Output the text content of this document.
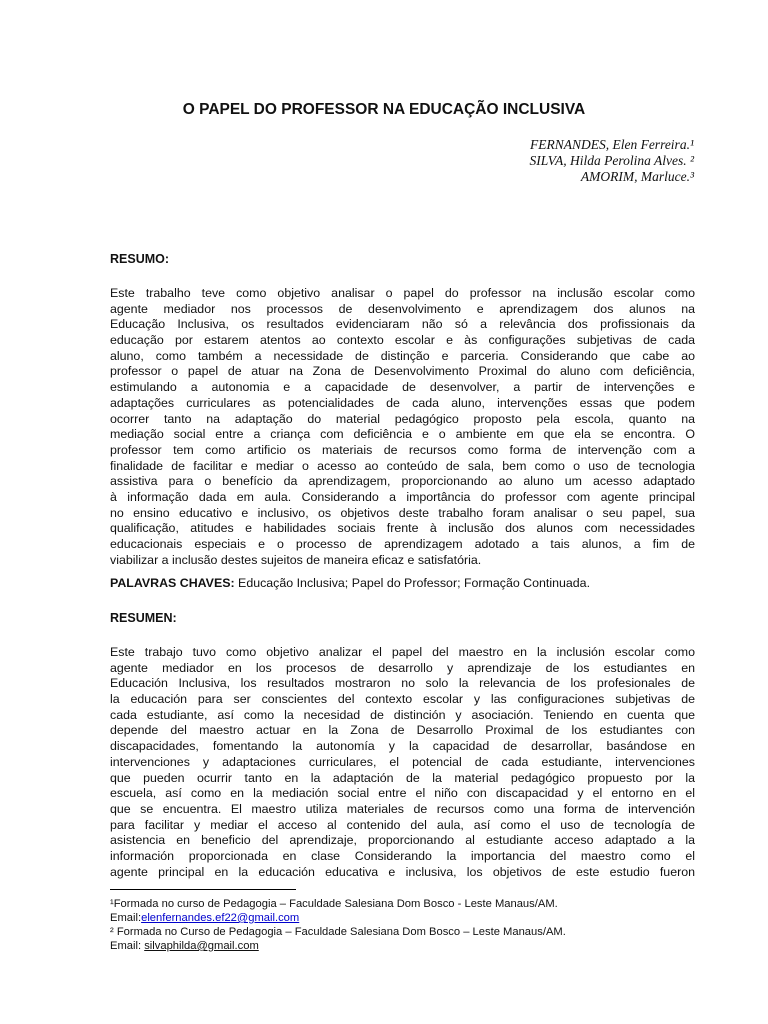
O PAPEL DO PROFESSOR NA EDUCAÇÃO INCLUSIVA
FERNANDES, Elen Ferreira.¹
SILVA, Hilda Perolina Alves. ²
AMORIM, Marluce.³
RESUMO:
Este trabalho teve como objetivo analisar o papel do professor na inclusão escolar como
agente mediador nos processos de desenvolvimento e aprendizagem dos alunos na
Educação Inclusiva, os resultados evidenciaram não só a relevância dos profissionais da
educação por estarem atentos ao contexto escolar e às configurações subjetivas de cada
aluno, como também a necessidade de distinção e parceria. Considerando que cabe ao
professor o papel de atuar na Zona de Desenvolvimento Proximal do aluno com deficiência,
estimulando a autonomia e a capacidade de desenvolver, a partir de intervenções e
adaptações curriculares as potencialidades de cada aluno, intervenções essas que podem
ocorrer tanto na adaptação do material pedagógico proposto pela escola, quanto na
mediação social entre a criança com deficiência e o ambiente em que ela se encontra. O
professor tem como artificio os materiais de recursos como forma de intervenção com a
finalidade de facilitar e mediar o acesso ao conteúdo de sala, bem como o uso de tecnologia
assistiva para o benefício da aprendizagem, proporcionando ao aluno um acesso adaptado
à informação dada em aula. Considerando a importância do professor com agente principal
no ensino educativo e inclusivo, os objetivos deste trabalho foram analisar o seu papel, sua
qualificação, atitudes e habilidades sociais frente à inclusão dos alunos com necessidades
educacionais especiais e o processo de aprendizagem adotado a tais alunos, a fim de
viabilizar a inclusão destes sujeitos de maneira eficaz e satisfatória.
PALAVRAS CHAVES: Educação Inclusiva; Papel do Professor; Formação Continuada.
RESUMEN:
Este trabajo tuvo como objetivo analizar el papel del maestro en la inclusión escolar como
agente mediador en los procesos de desarrollo y aprendizaje de los estudiantes en
Educación Inclusiva, los resultados mostraron no solo la relevancia de los profesionales de
la educación para ser conscientes del contexto escolar y las configuraciones subjetivas de
cada estudiante, así como la necesidad de distinción y asociación. Teniendo en cuenta que
depende del maestro actuar en la Zona de Desarrollo Proximal de los estudiantes con
discapacidades, fomentando la autonomía y la capacidad de desarrollar, basándose en
intervenciones y adaptaciones curriculares, el potencial de cada estudiante, intervenciones
que pueden ocurrir tanto en la adaptación de la material pedagógico propuesto por la
escuela, así como en la mediación social entre el niño con discapacidad y el entorno en el
que se encuentra. El maestro utiliza materiales de recursos como una forma de intervención
para facilitar y mediar el acceso al contenido del aula, así como el uso de tecnología de
asistencia en beneficio del aprendizaje, proporcionando al estudiante acceso adaptado a la
información proporcionada en clase Considerando la importancia del maestro como el
agente principal en la educación educativa e inclusiva, los objetivos de este estudio fueron
¹Formada no curso de Pedagogia – Faculdade Salesiana Dom Bosco - Leste Manaus/AM.
Email:elenfernandes.ef22@gmail.com
² Formada no Curso de Pedagogia – Faculdade Salesiana Dom Bosco – Leste Manaus/AM.
Email: silvaphilda@gmail.com
